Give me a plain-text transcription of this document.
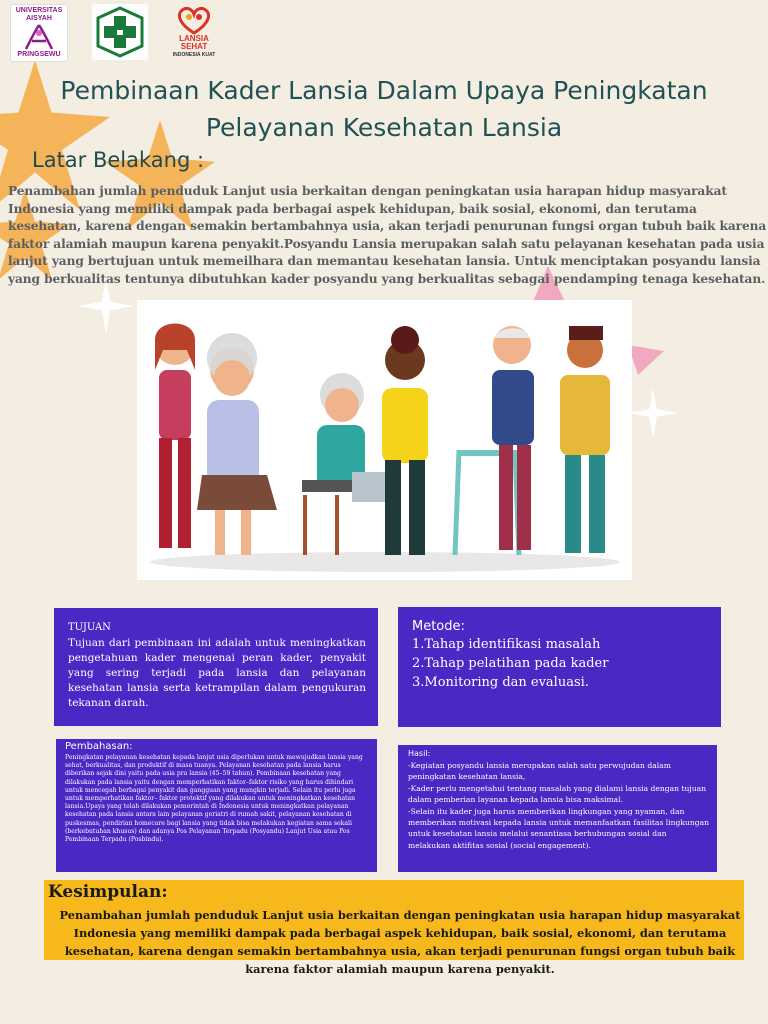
UNIVERSITAS AISYAH
PRINGSEWU
LANSIA SEHAT
INDONESIA KUAT
Pembinaan Kader Lansia Dalam Upaya Peningkatan
Pelayanan Kesehatan Lansia
Latar Belakang :
Penambahan jumlah penduduk Lanjut usia berkaitan dengan peningkatan usia harapan hidup masyarakat Indonesia yang memiliki dampak pada berbagai aspek kehidupan, baik sosial, ekonomi, dan terutama kesehatan, karena dengan semakin bertambahnya usia, akan terjadi penurunan fungsi organ tubuh baik karena faktor alamiah maupun karena penyakit.Posyandu Lansia merupakan salah satu pelayanan kesehatan pada usia lanjut yang bertujuan untuk memeilhara dan memantau kesehatan lansia. Untuk menciptakan posyandu lansia yang berkualitas tentunya dibutuhkan kader posyandu yang berkualitas sebagai pendamping tenaga kesehatan.
TUJUAN
Tujuan dari pembinaan ini adalah untuk meningkatkan pengetahuan kader mengenai peran kader, penyakit yang sering terjadi pada lansia dan pelayanan kesehatan lansia serta ketrampilan dalam pengukuran tekanan darah.
Metode:
1.Tahap identifikasi masalah
2.Tahap pelatihan pada kader
3.Monitoring dan evaluasi.
Pembahasan:
Peningkatan pelayanan kesehatan kepada lanjut usia diperlukan untuk mewujudkan lansia yang sehat, berkualitas, dan produktif di masa tuanya. Pelayanan kesehatan pada lansia harus diberikan sejak dini yaitu pada usia pra lansia (45–59 tahun). Pembinaan kesehatan yang dilakukan pada lansia yaitu dengan memperhatikan faktor–faktor risiko yang harus dihindari untuk mencegah berbagai penyakit dan gangguan yang mungkin terjadi. Selain itu perlu juga untuk memperhatikan faktor– faktor protektif yang dilakukan untuk meningkatkan kesehatan lansia.Upaya yang telah dilakukan pemerintah di Indonesia untuk meningkatkan pelayanan kesehatan pada lansia antara lain pelayanan geriatri di rumah sakit, pelayanan kesehatan di puskesmas, pendirian homecare bagi lansia yang tidak bisa melakukan kegiatan sama sekali (berkebutuhan khusus) dan adanya Pos Pelayanan Terpadu (Posyandu) Lanjut Usia atau Pos Pembinaan Terpadu (Posbindu).
Hasil:
-Kegiatan posyandu lansia merupakan salah satu perwujudan dalam peningkatan kesehatan lansia,
-Kader perlu mengetahui tentang masalah yang dialami lansia dengan tujuan dalam pemberian layanan kepada lansia bisa maksimal.
-Selain itu kader juga harus memberikan lingkungan yang nyaman, dan memberikan motivasi kepada lansia untuk memanfaatkan fasilitas lingkungan untuk kesehatan lansia melalui senantiasa berhubungan sosial dan melakukan aktifitas sosial (social engagement).
Kesimpulan:
Penambahan jumlah penduduk Lanjut usia berkaitan dengan peningkatan usia harapan hidup masyarakat Indonesia yang memiliki dampak pada berbagai aspek kehidupan, baik sosial, ekonomi, dan terutama kesehatan, karena dengan semakin bertambahnya usia, akan terjadi penurunan fungsi organ tubuh baik karena faktor alamiah maupun karena penyakit.
